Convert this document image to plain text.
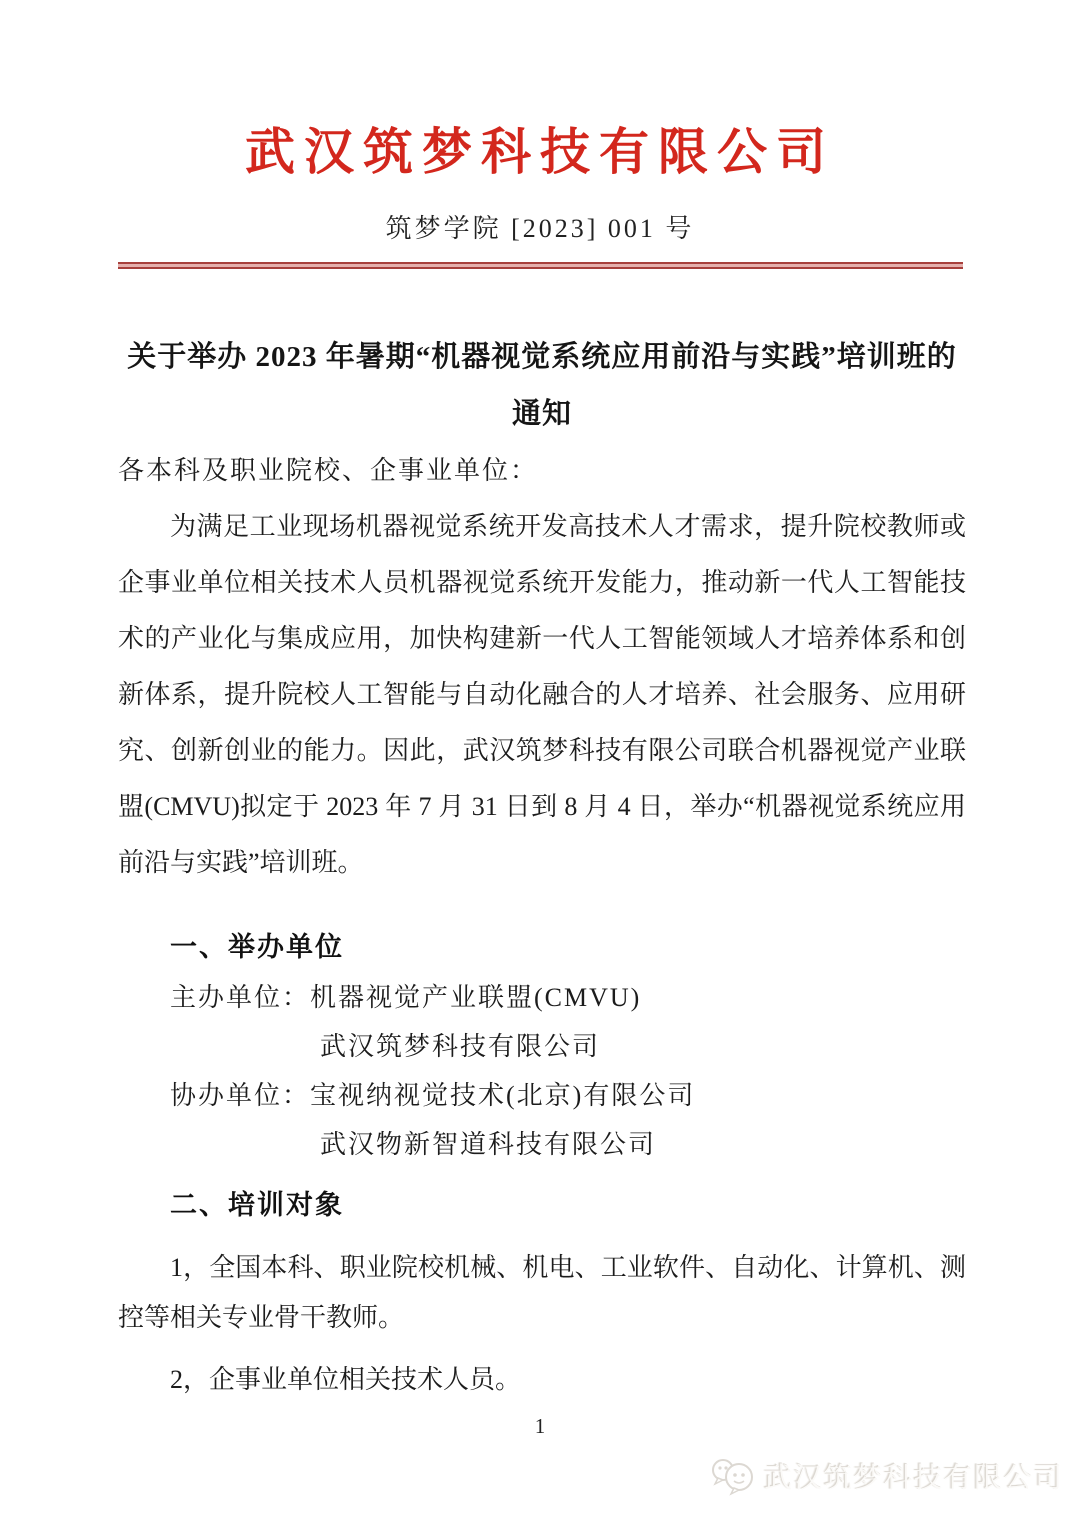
武汉筑梦科技有限公司
筑梦学院 [2023] 001 号
关于举办 2023 年暑期“机器视觉系统应用前沿与实践”培训班的
通知

各本科及职业院校、企事业单位：

为满足工业现场机器视觉系统开发高技术人才需求，提升院校教师或企事业单位相关技术人员机器视觉系统开发能力，推动新一代人工智能技术的产业化与集成应用，加快构建新一代人工智能领域人才培养体系和创新体系，提升院校人工智能与自动化融合的人才培养、社会服务、应用研究、创新创业的能力。因此，武汉筑梦科技有限公司联合机器视觉产业联盟(CMVU)拟定于 2023 年 7 月 31 日到 8 月 4 日，举办“机器视觉系统应用前沿与实践”培训班。

一、举办单位
主办单位： 机器视觉产业联盟(CMVU)
武汉筑梦科技有限公司
协办单位： 宝视纳视觉技术(北京)有限公司
武汉物新智道科技有限公司
二、培训对象

1，全国本科、职业院校机械、机电、工业软件、自动化、计算机、测控等相关专业骨干教师。

2，企事业单位相关技术人员。

1
武汉筑梦科技有限公司
